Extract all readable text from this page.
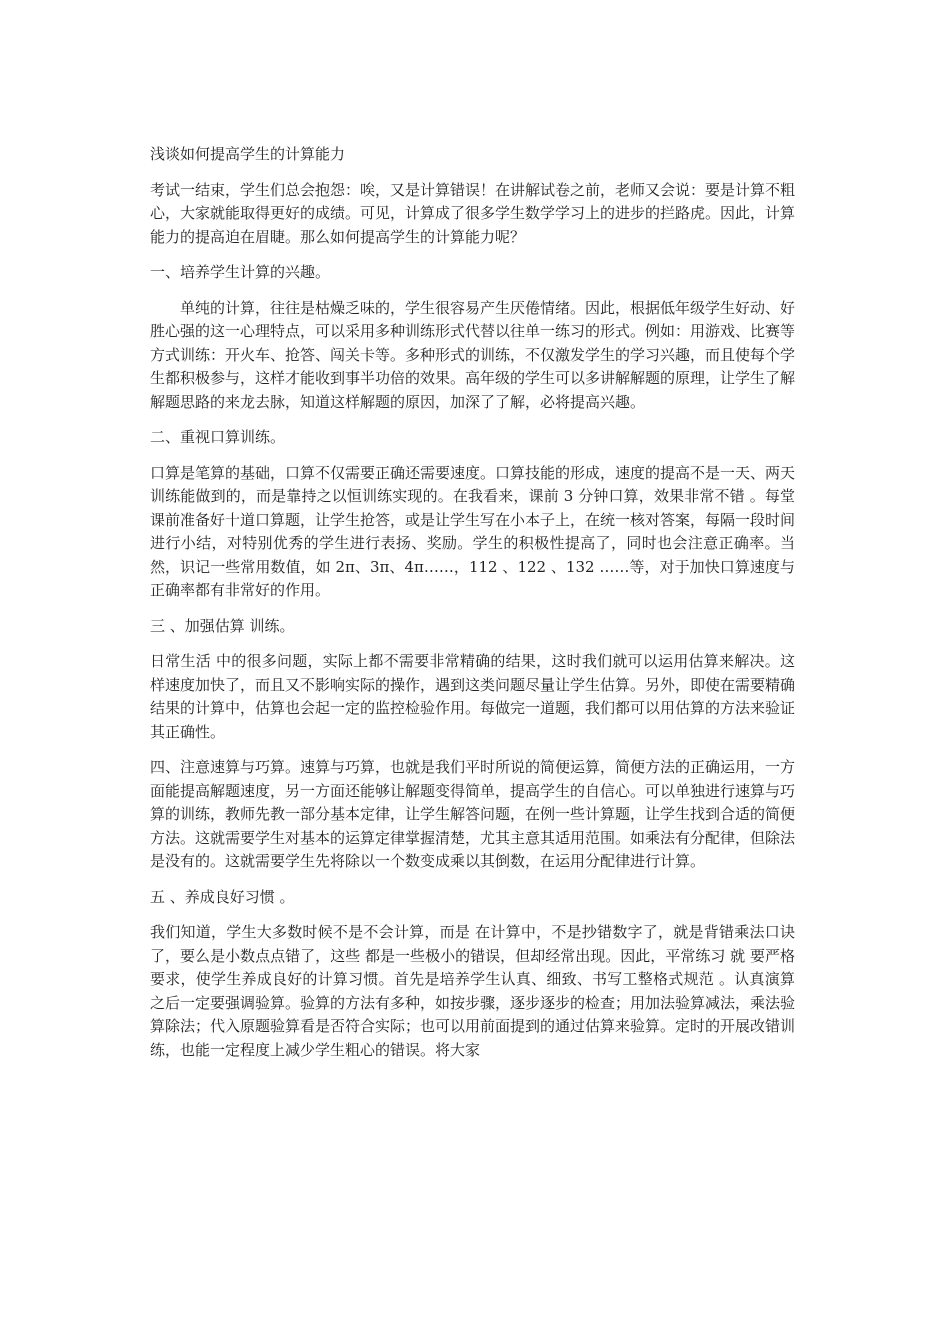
浅谈如何提高学生的计算能力

考试一结束，学生们总会抱怨：唉，又是计算错误！在讲解试卷之前，老师又会说：要是计算不粗心，大家就能取得更好的成绩。可见，计算成了很多学生数学学习上的进步的拦路虎。因此，计算能力的提高迫在眉睫。那么如何提高学生的计算能力呢？

一、培养学生计算的兴趣。

单纯的计算，往往是枯燥乏味的，学生很容易产生厌倦情绪。因此，根据低年级学生好动、好胜心强的这一心理特点，可以采用多种训练形式代替以往单一练习的形式。例如：用游戏、比赛等方式训练：开火车、抢答、闯关卡等。多种形式的训练，不仅激发学生的学习兴趣，而且使每个学生都积极参与，这样才能收到事半功倍的效果。高年级的学生可以多讲解解题的原理，让学生了解解题思路的来龙去脉，知道这样解题的原因，加深了了解，必将提高兴趣。

二、重视口算训练。

口算是笔算的基础，口算不仅需要正确还需要速度。口算技能的形成，速度的提高不是一天、两天训练能做到的，而是靠持之以恒训练实现的。在我看来，课前 3 分钟口算，效果非常不错 。每堂课前准备好十道口算题，让学生抢答，或是让学生写在小本子上，在统一核对答案，每隔一段时间进行小结，对特别优秀的学生进行表扬、奖励。学生的积极性提高了，同时也会注意正确率。当然，识记一些常用数值，如 2π、3π、4π……，112 、122 、132 ……等，对于加快口算速度与正确率都有非常好的作用。

三 、加强估算 训练。

日常生活 中的很多问题，实际上都不需要非常精确的结果，这时我们就可以运用估算来解决。这样速度加快了，而且又不影响实际的操作，遇到这类问题尽量让学生估算。另外，即使在需要精确结果的计算中，估算也会起一定的监控检验作用。每做完一道题，我们都可以用估算的方法来验证其正确性。

四、注意速算与巧算。速算与巧算，也就是我们平时所说的简便运算，简便方法的正确运用，一方面能提高解题速度，另一方面还能够让解题变得简单，提高学生的自信心。可以单独进行速算与巧算的训练，教师先教一部分基本定律，让学生解答问题，在例一些计算题，让学生找到合适的简便方法。这就需要学生对基本的运算定律掌握清楚，尤其主意其适用范围。如乘法有分配律，但除法是没有的。这就需要学生先将除以一个数变成乘以其倒数，在运用分配律进行计算。

五 、养成良好习惯 。

我们知道，学生大多数时候不是不会计算，而是 在计算中，不是抄错数字了，就是背错乘法口诀了，要么是小数点点错了，这些 都是一些极小的错误，但却经常出现。因此，平常练习 就 要严格要求，使学生养成良好的计算习惯。首先是培养学生认真、细致、书写工整格式规范 。认真演算之后一定要强调验算。验算的方法有多种，如按步骤，逐步逐步的检查；用加法验算减法，乘法验算除法；代入原题验算看是否符合实际；也可以用前面提到的通过估算来验算。定时的开展改错训练，也能一定程度上减少学生粗心的错误。将大家
